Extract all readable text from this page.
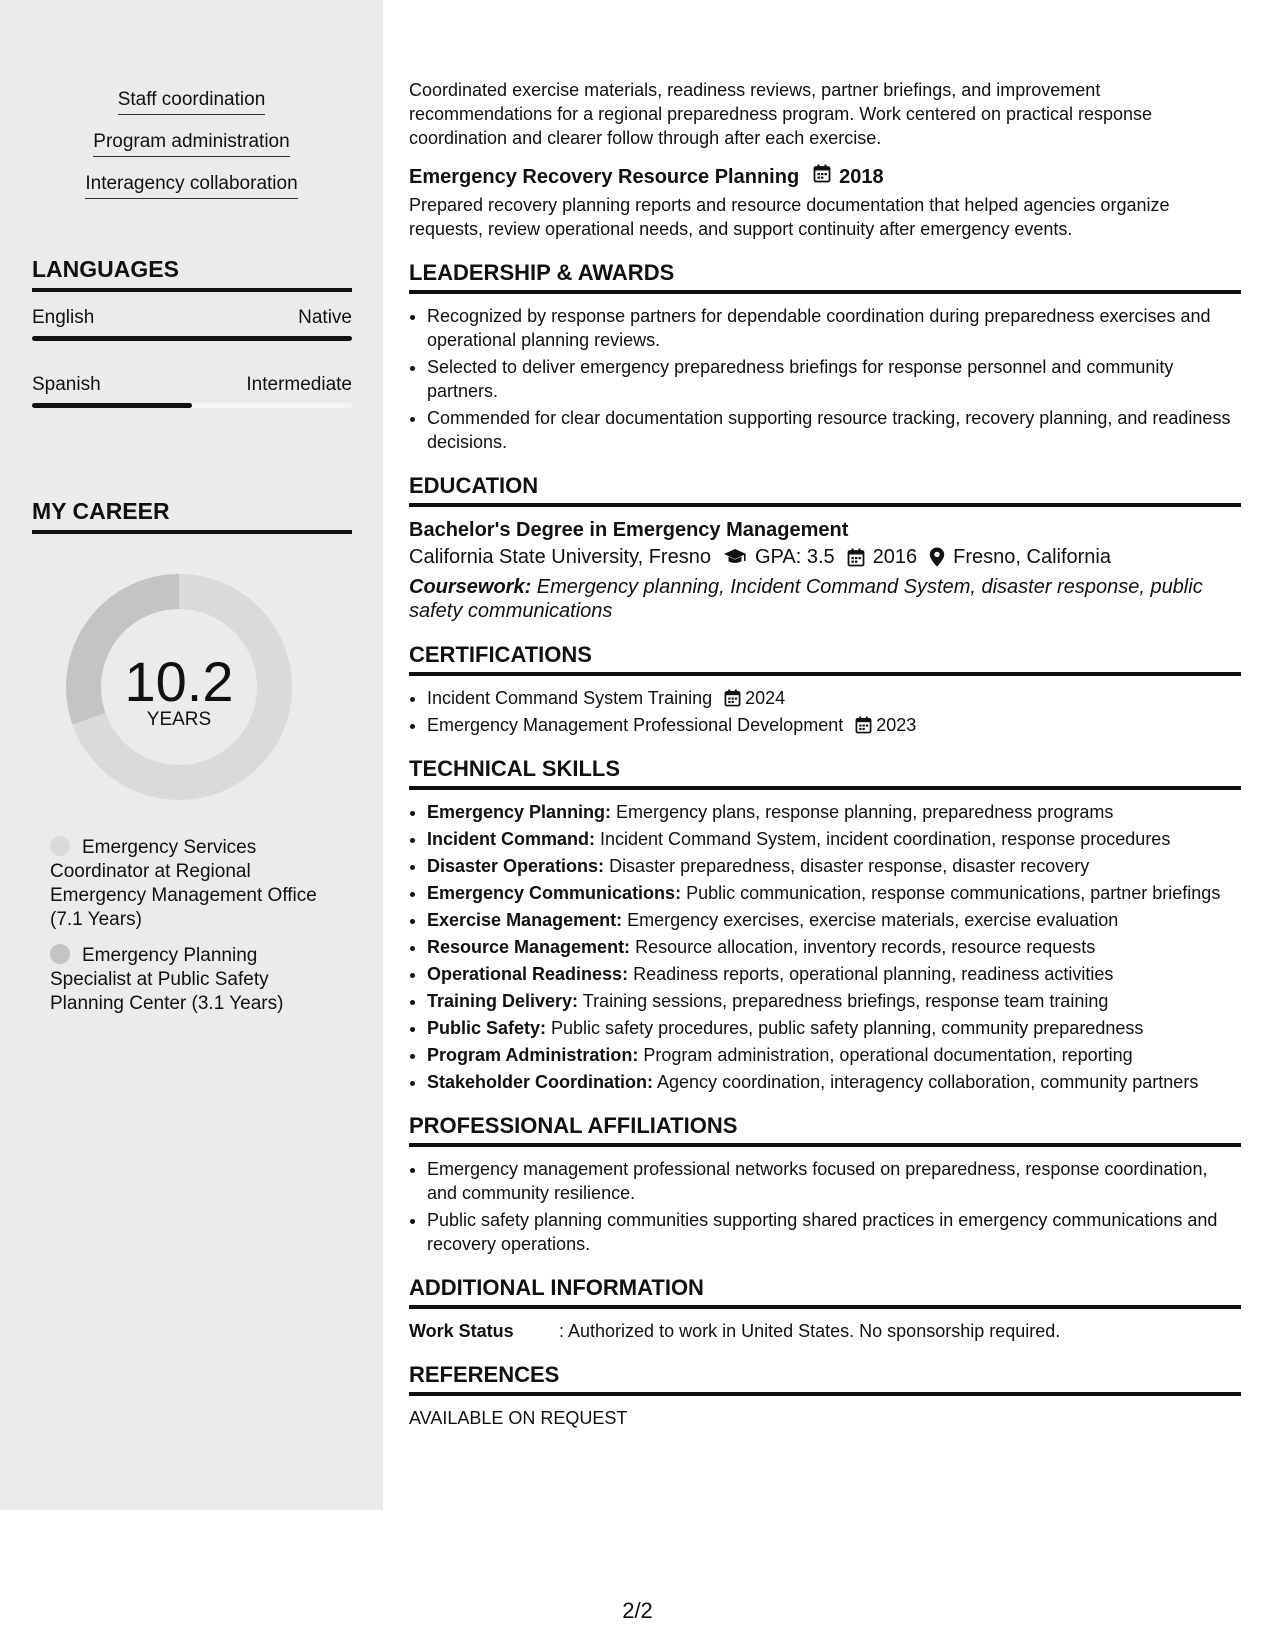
Staff coordination
Program administration
Interagency collaboration
LANGUAGES
English	Native
Spanish	Intermediate
MY CAREER
10.2
YEARS
Emergency Services Coordinator at Regional Emergency Management Office (7.1 Years)
Emergency Planning Specialist at Public Safety Planning Center (3.1 Years)

Coordinated exercise materials, readiness reviews, partner briefings, and improvement recommendations for a regional preparedness program. Work centered on practical response coordination and clearer follow through after each exercise.

Emergency Recovery Resource Planning 2018

Prepared recovery planning reports and resource documentation that helped agencies organize requests, review operational needs, and support continuity after emergency events.

LEADERSHIP & AWARDS
• Recognized by response partners for dependable coordination during preparedness exercises and operational planning reviews.
• Selected to deliver emergency preparedness briefings for response personnel and community partners.
• Commended for clear documentation supporting resource tracking, recovery planning, and readiness decisions.
EDUCATION
Bachelor's Degree in Emergency Management
California State University, Fresno GPA: 3.5 2016 Fresno, California
Coursework: Emergency planning, Incident Command System, disaster response, public safety communications
CERTIFICATIONS
• Incident Command System Training 2024
• Emergency Management Professional Development 2023
TECHNICAL SKILLS
• Emergency Planning: Emergency plans, response planning, preparedness programs
• Incident Command: Incident Command System, incident coordination, response procedures
• Disaster Operations: Disaster preparedness, disaster response, disaster recovery
• Emergency Communications: Public communication, response communications, partner briefings
• Exercise Management: Emergency exercises, exercise materials, exercise evaluation
• Resource Management: Resource allocation, inventory records, resource requests
• Operational Readiness: Readiness reports, operational planning, readiness activities
• Training Delivery: Training sessions, preparedness briefings, response team training
• Public Safety: Public safety procedures, public safety planning, community preparedness
• Program Administration: Program administration, operational documentation, reporting
• Stakeholder Coordination: Agency coordination, interagency collaboration, community partners
PROFESSIONAL AFFILIATIONS
• Emergency management professional networks focused on preparedness, response coordination, and community resilience.
• Public safety planning communities supporting shared practices in emergency communications and recovery operations.
ADDITIONAL INFORMATION
Work Status	: Authorized to work in United States. No sponsorship required.
REFERENCES
AVAILABLE ON REQUEST
2/2
